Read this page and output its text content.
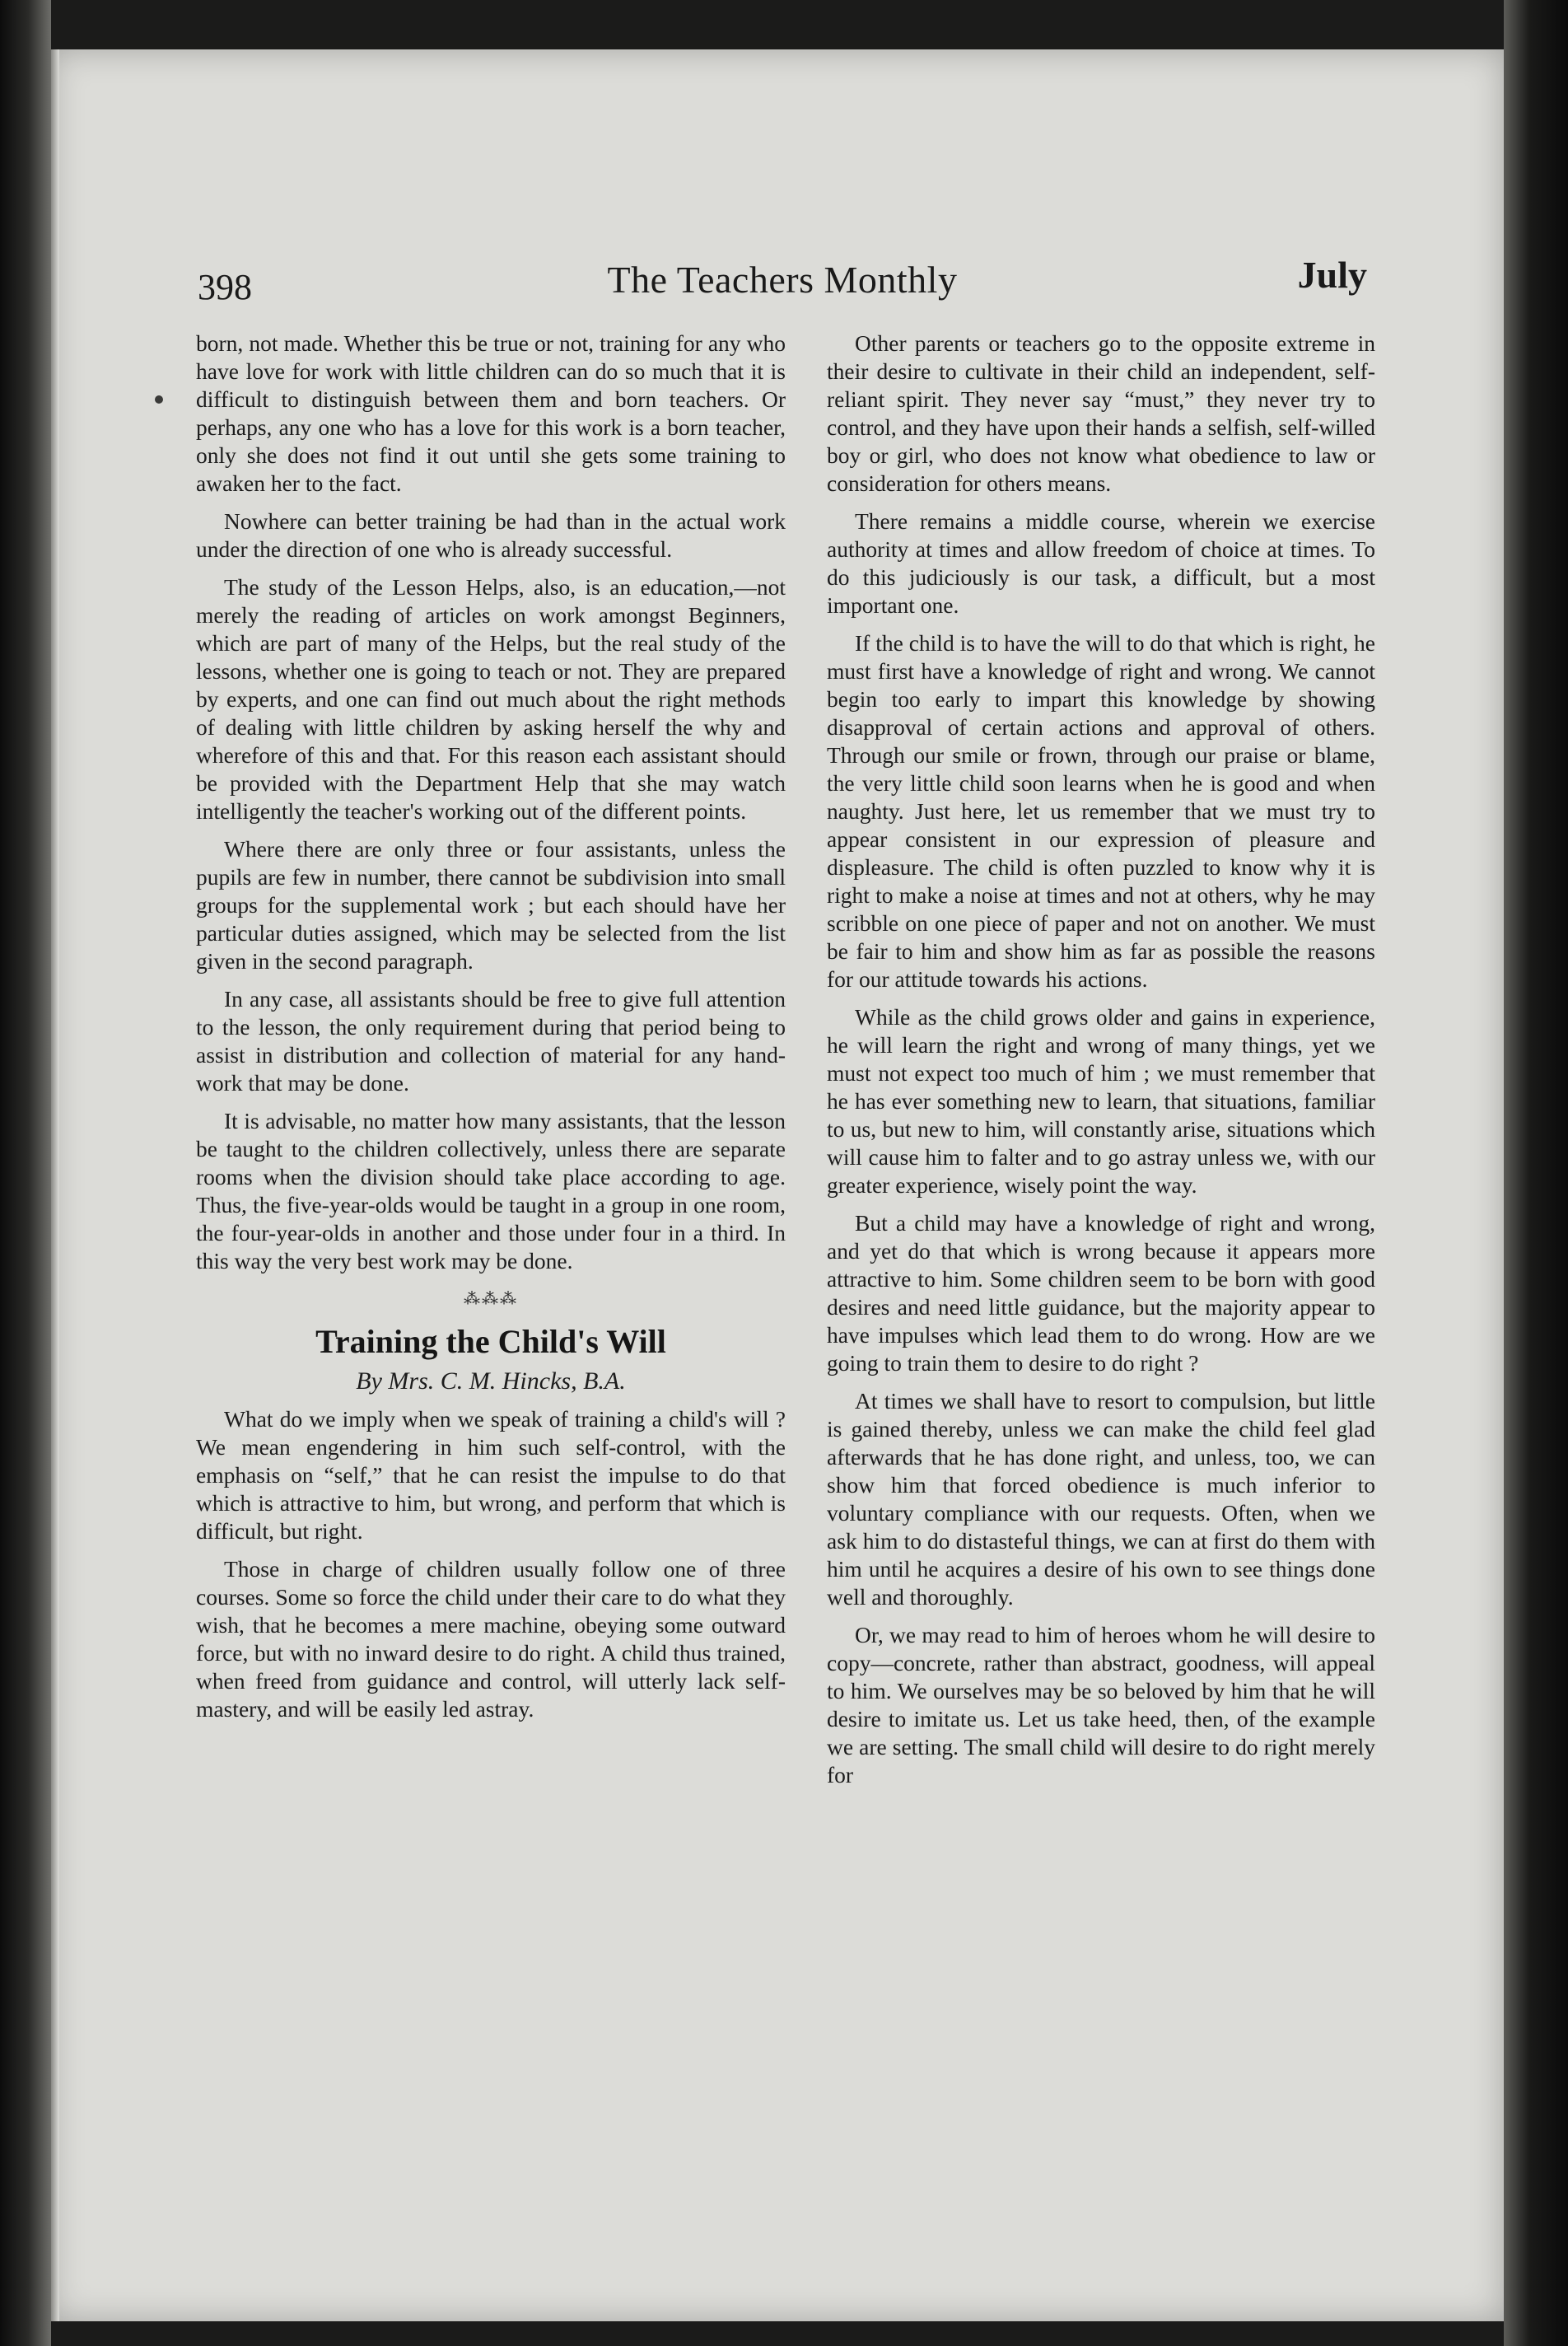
398	The Teachers Monthly	July

born, not made. Whether this be true or not, training for any who have love for work with little children can do so much that it is difficult to distinguish between them and born teachers. Or perhaps, any one who has a love for this work is a born teacher, only she does not find it out until she gets some training to awaken her to the fact.

Nowhere can better training be had than in the actual work under the direction of one who is already successful.

The study of the Lesson Helps, also, is an education,—not merely the reading of articles on work amongst Beginners, which are part of many of the Helps, but the real study of the lessons, whether one is going to teach or not. They are prepared by experts, and one can find out much about the right methods of dealing with little children by asking herself the why and wherefore of this and that. For this reason each assistant should be provided with the Department Help that she may watch intelligently the teacher's working out of the different points.

Where there are only three or four assistants, unless the pupils are few in number, there cannot be subdivision into small groups for the supplemental work ; but each should have her particular duties assigned, which may be selected from the list given in the second paragraph.

In any case, all assistants should be free to give full attention to the lesson, the only requirement during that period being to assist in distribution and collection of material for any hand-work that may be done.

It is advisable, no matter how many assistants, that the lesson be taught to the children collectively, unless there are separate rooms when the division should take place according to age. Thus, the five-year-olds would be taught in a group in one room, the four-year-olds in another and those under four in a third. In this way the very best work may be done.

⁂⁂⁂
Training the Child's Will
By Mrs. C. M. Hincks, B.A.

What do we imply when we speak of training a child's will ? We mean engendering in him such self-control, with the emphasis on “self,” that he can resist the impulse to do that which is attractive to him, but wrong, and perform that which is difficult, but right.

Those in charge of children usually follow one of three courses. Some so force the child under their care to do what they wish, that he becomes a mere machine, obeying some outward force, but with no inward desire to do right. A child thus trained, when freed from guidance and control, will utterly lack self-mastery, and will be easily led astray.

Other parents or teachers go to the opposite extreme in their desire to cultivate in their child an independent, self-reliant spirit. They never say “must,” they never try to control, and they have upon their hands a selfish, self-willed boy or girl, who does not know what obedience to law or consideration for others means.

There remains a middle course, wherein we exercise authority at times and allow freedom of choice at times. To do this judiciously is our task, a difficult, but a most important one.

If the child is to have the will to do that which is right, he must first have a knowledge of right and wrong. We cannot begin too early to impart this knowledge by showing disapproval of certain actions and approval of others. Through our smile or frown, through our praise or blame, the very little child soon learns when he is good and when naughty. Just here, let us remember that we must try to appear consistent in our expression of pleasure and displeasure. The child is often puzzled to know why it is right to make a noise at times and not at others, why he may scribble on one piece of paper and not on another. We must be fair to him and show him as far as possible the reasons for our attitude towards his actions.

While as the child grows older and gains in experience, he will learn the right and wrong of many things, yet we must not expect too much of him ; we must remember that he has ever something new to learn, that situations, familiar to us, but new to him, will constantly arise, situations which will cause him to falter and to go astray unless we, with our greater experience, wisely point the way.

But a child may have a knowledge of right and wrong, and yet do that which is wrong because it appears more attractive to him. Some children seem to be born with good desires and need little guidance, but the majority appear to have impulses which lead them to do wrong. How are we going to train them to desire to do right ?

At times we shall have to resort to compulsion, but little is gained thereby, unless we can make the child feel glad afterwards that he has done right, and unless, too, we can show him that forced obedience is much inferior to voluntary compliance with our requests. Often, when we ask him to do distasteful things, we can at first do them with him until he acquires a desire of his own to see things done well and thoroughly.

Or, we may read to him of heroes whom he will desire to copy—concrete, rather than abstract, goodness, will appeal to him. We ourselves may be so beloved by him that he will desire to imitate us. Let us take heed, then, of the example we are setting. The small child will desire to do right merely for
